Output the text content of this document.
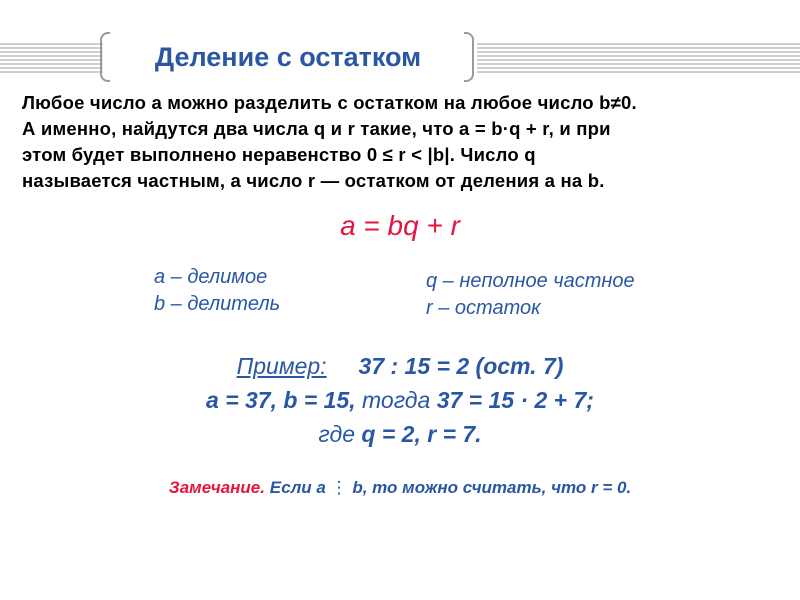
Деление с остатком
Любое число a можно разделить с остатком на любое число b≠0.
А именно, найдутся два числа q и r такие, что a = b·q + r, и при
этом будет выполнено неравенство 0 ≤ r < |b|. Число q
называется частным, а число r — остатком от деления a на b.
a = bq + r
a – делимое
b – делитель
q – неполное частное
r – остаток
Пример: 37 : 15 = 2 (ост. 7)
a = 37, b = 15, тогда 37 = 15 · 2 + 7;
где q = 2, r = 7.
Замечание. Если a ⋮ b, то можно считать, что r = 0.
